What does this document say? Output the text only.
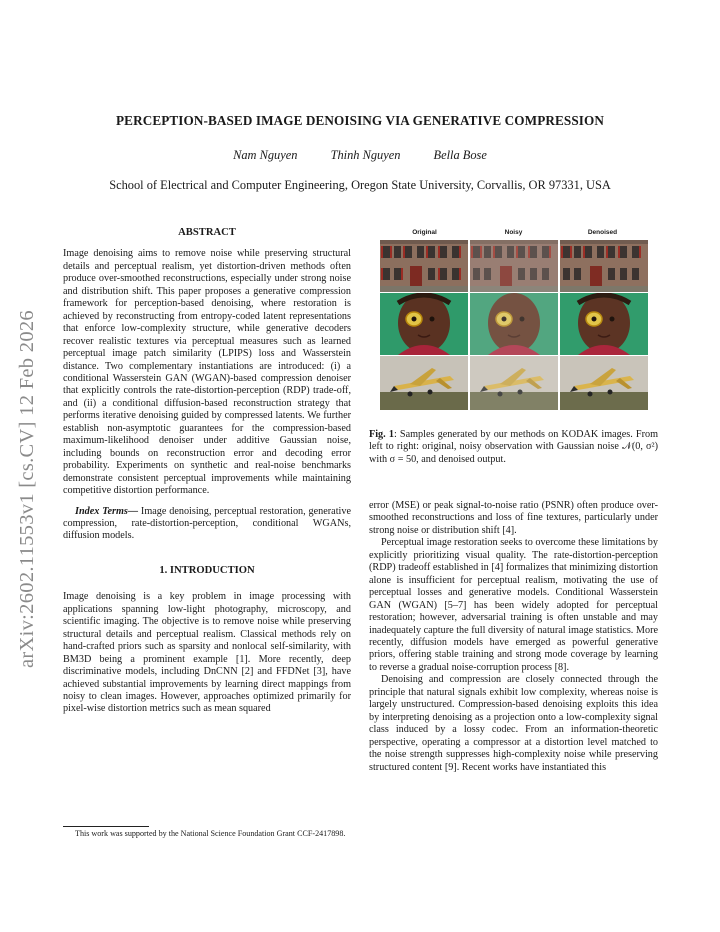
PERCEPTION-BASED IMAGE DENOISING VIA GENERATIVE COMPRESSION
Nam Nguyen	Thinh Nguyen	Bella Bose
School of Electrical and Computer Engineering, Oregon State University, Corvallis, OR 97331, USA
arXiv:2602.11553v1 [cs.CV] 12 Feb 2026
ABSTRACT

Image denoising aims to remove noise while preserving structural details and perceptual realism, yet distortion-driven methods often produce over-smoothed reconstructions, especially under strong noise and distribution shift. This paper proposes a generative compression framework for perception-based denoising, where restoration is achieved by reconstructing from entropy-coded latent representations that enforce low-complexity structure, while generative decoders recover realistic textures via perceptual measures such as learned perceptual image patch similarity (LPIPS) loss and Wasserstein distance. Two complementary instantiations are introduced: (i) a conditional Wasserstein GAN (WGAN)-based compression denoiser that explicitly controls the rate-distortion-perception (RDP) trade-off, and (ii) a conditional diffusion-based reconstruction strategy that performs iterative denoising guided by compressed latents. We further establish non-asymptotic guarantees for the compression-based maximum-likelihood denoiser under additive Gaussian noise, including bounds on reconstruction error and decoding error probability. Experiments on synthetic and real-noise benchmarks demonstrate consistent perceptual improvements while maintaining competitive distortion performance.

Index Terms— Image denoising, perceptual restoration, generative compression, rate-distortion-perception, conditional WGANs, diffusion models.

1. INTRODUCTION

Image denoising is a key problem in image processing with applications spanning low-light photography, microscopy, and scientific imaging. The objective is to remove noise while preserving structural details and perceptual realism. Classical methods rely on hand-crafted priors such as sparsity and nonlocal self-similarity, with BM3D being a prominent example [1]. More recently, deep discriminative models, including DnCNN [2] and FFDNet [3], have achieved substantial improvements by learning direct mappings from noisy to clean images. However, approaches optimized primarily for pixel-wise distortion metrics such as mean squared

This work was supported by the National Science Foundation Grant CCF-2417898.
Original	Noisy	Denoised
Fig. 1: Samples generated by our methods on KODAK images. From left to right: original, noisy observation with Gaussian noise 𝒩(0, σ²) with σ = 50, and denoised output.

error (MSE) or peak signal-to-noise ratio (PSNR) often produce over-smoothed reconstructions and loss of fine textures, particularly under strong noise or distribution shift [4].

Perceptual image restoration seeks to overcome these limitations by explicitly prioritizing visual quality. The rate-distortion-perception (RDP) tradeoff established in [4] formalizes that minimizing distortion alone is insufficient for perceptual realism, motivating the use of perceptual losses and generative models. Conditional Wasserstein GAN (WGAN) [5–7] has been widely adopted for perceptual restoration; however, adversarial training is often unstable and may inadequately capture the full diversity of natural image statistics. More recently, diffusion models have emerged as powerful generative priors, offering stable training and strong mode coverage by learning to reverse a gradual noise-corruption process [8].

Denoising and compression are closely connected through the principle that natural signals exhibit low complexity, whereas noise is largely unstructured. Compression-based denoising exploits this idea by interpreting denoising as a projection onto a low-complexity signal class induced by a lossy codec. From an information-theoretic perspective, operating a compressor at a distortion level matched to the noise strength suppresses high-complexity noise while preserving structured content [9]. Recent works have instantiated this
